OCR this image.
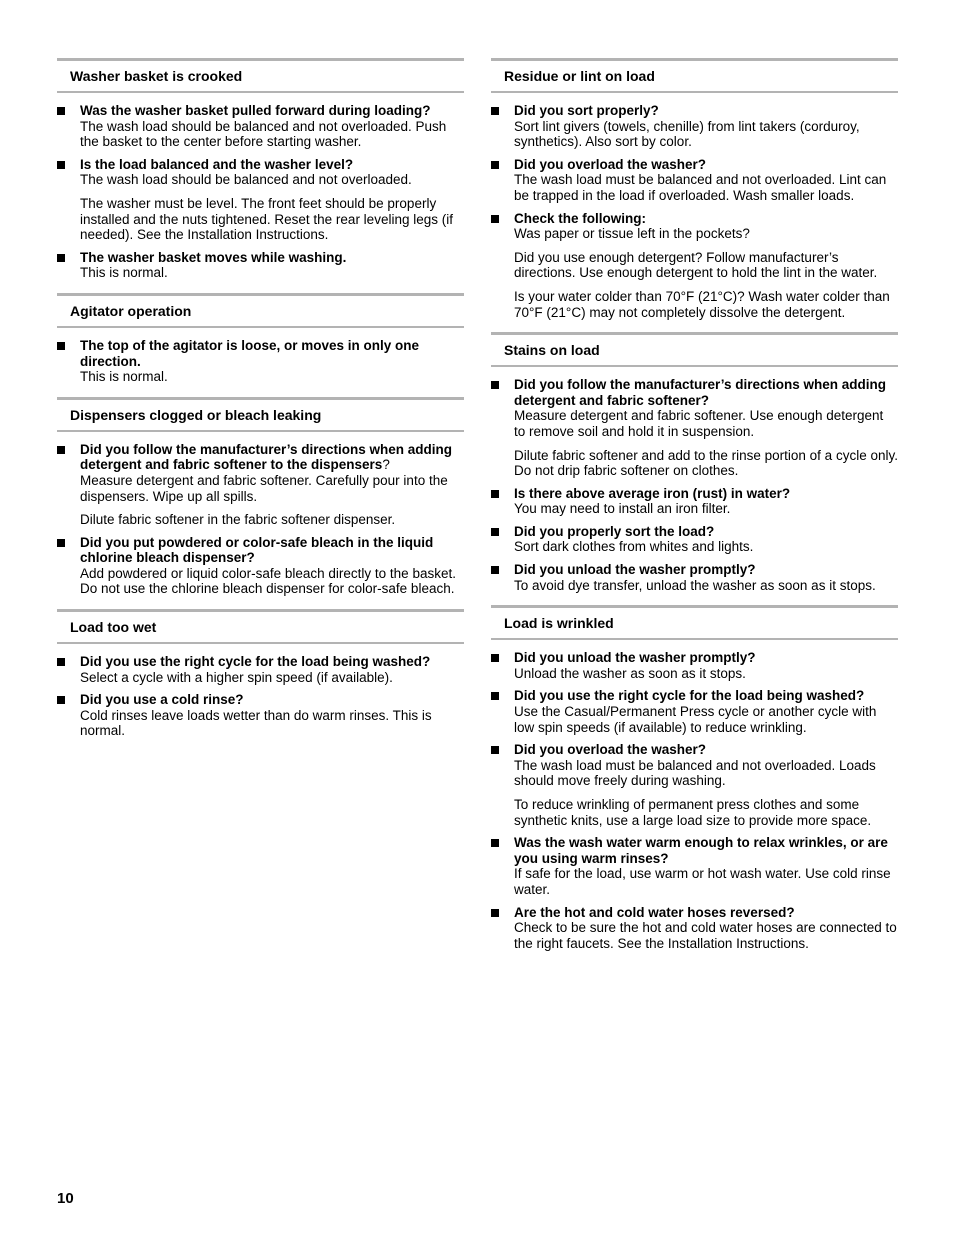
Washer basket is crooked
Was the washer basket pulled forward during loading?
The wash load should be balanced and not overloaded. Push the basket to the center before starting washer.
Is the load balanced and the washer level?
The wash load should be balanced and not overloaded.
The washer must be level. The front feet should be properly installed and the nuts tightened. Reset the rear leveling legs (if needed). See the Installation Instructions.
The washer basket moves while washing.
This is normal.
Agitator operation
The top of the agitator is loose, or moves in only one direction.
This is normal.
Dispensers clogged or bleach leaking
Did you follow the manufacturer’s directions when adding detergent and fabric softener to the dispensers?
Measure detergent and fabric softener. Carefully pour into the dispensers. Wipe up all spills.
Dilute fabric softener in the fabric softener dispenser.
Did you put powdered or color-safe bleach in the liquid chlorine bleach dispenser?
Add powdered or liquid color-safe bleach directly to the basket. Do not use the chlorine bleach dispenser for color-safe bleach.
Load too wet
Did you use the right cycle for the load being washed?
Select a cycle with a higher spin speed (if available).
Did you use a cold rinse?
Cold rinses leave loads wetter than do warm rinses. This is normal.
Residue or lint on load
Did you sort properly?
Sort lint givers (towels, chenille) from lint takers (corduroy, synthetics). Also sort by color.
Did you overload the washer?
The wash load must be balanced and not overloaded. Lint can be trapped in the load if overloaded. Wash smaller loads.
Check the following:
Was paper or tissue left in the pockets?
Did you use enough detergent? Follow manufacturer’s directions. Use enough detergent to hold the lint in the water.
Is your water colder than 70°F (21°C)? Wash water colder than 70°F (21°C) may not completely dissolve the detergent.
Stains on load
Did you follow the manufacturer’s directions when adding detergent and fabric softener?
Measure detergent and fabric softener. Use enough detergent to remove soil and hold it in suspension.
Dilute fabric softener and add to the rinse portion of a cycle only. Do not drip fabric softener on clothes.
Is there above average iron (rust) in water?
You may need to install an iron filter.
Did you properly sort the load?
Sort dark clothes from whites and lights.
Did you unload the washer promptly?
To avoid dye transfer, unload the washer as soon as it stops.
Load is wrinkled
Did you unload the washer promptly?
Unload the washer as soon as it stops.
Did you use the right cycle for the load being washed?
Use the Casual/Permanent Press cycle or another cycle with low spin speeds (if available) to reduce wrinkling.
Did you overload the washer?
The wash load must be balanced and not overloaded. Loads should move freely during washing.
To reduce wrinkling of permanent press clothes and some synthetic knits, use a large load size to provide more space.
Was the wash water warm enough to relax wrinkles, or are you using warm rinses?
If safe for the load, use warm or hot wash water. Use cold rinse water.
Are the hot and cold water hoses reversed?
Check to be sure the hot and cold water hoses are connected to the right faucets. See the Installation Instructions.
10
